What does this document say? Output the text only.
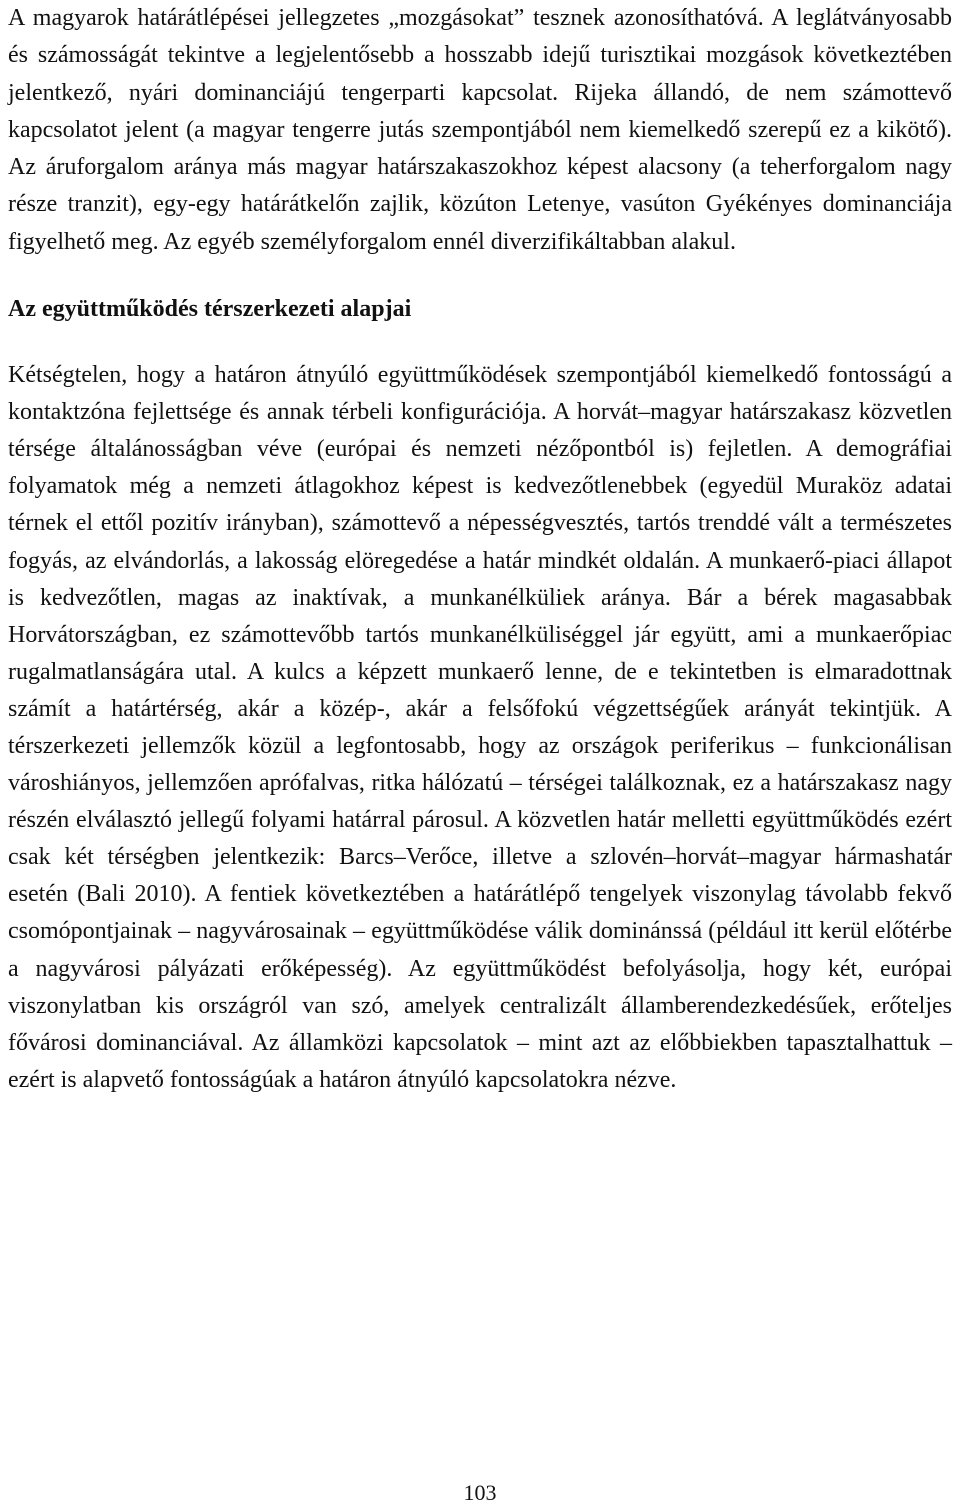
A magyarok határátlépései jellegzetes „mozgásokat” tesznek azonosíthatóvá. A leglátványosabb és számosságát tekintve a legjelentősebb a hosszabb idejű turisztikai mozgások következtében jelentkező, nyári dominanciájú tengerparti kapcsolat. Rijeka állandó, de nem számottevő kapcsolatot jelent (a magyar tengerre jutás szempontjából nem kiemelkedő szerepű ez a kikötő). Az áruforgalom aránya más magyar határszakaszokhoz képest alacsony (a teherforgalom nagy része tranzit), egy-egy határátkelőn zajlik, közúton Letenye, vasúton Gyékényes dominanciája figyelhető meg. Az egyéb személyforgalom ennél diverzifikáltabban alakul.

Az együttműködés térszerkezeti alapjai

Kétségtelen, hogy a határon átnyúló együttműködések szempontjából kiemelkedő fontosságú a kontaktzóna fejlettsége és annak térbeli konfigurációja. A horvát–magyar határszakasz közvetlen térsége általánosságban véve (európai és nemzeti nézőpontból is) fejletlen. A demográfiai folyamatok még a nemzeti átlagokhoz képest is kedvezőtlenebbek (egyedül Muraköz adatai térnek el ettől pozitív irányban), számottevő a népességvesztés, tartós trenddé vált a természetes fogyás, az elvándorlás, a lakosság elöregedése a határ mindkét oldalán. A munkaerő-piaci állapot is kedvezőtlen, magas az inaktívak, a munkanélküliek aránya. Bár a bérek magasabbak Horvátországban, ez számottevőbb tartós munkanélküliséggel jár együtt, ami a munkaerőpiac rugalmatlanságára utal. A kulcs a képzett munkaerő lenne, de e tekintetben is elmaradottnak számít a határtérség, akár a közép-, akár a felsőfokú végzettségűek arányát tekintjük. A térszerkezeti jellemzők közül a legfontosabb, hogy az országok periferikus – funkcionálisan városhiányos, jellemzően aprófalvas, ritka hálózatú – térségei találkoznak, ez a határszakasz nagy részén elválasztó jellegű folyami határral párosul. A közvetlen határ melletti együttműködés ezért csak két térségben jelentkezik: Barcs–Verőce, illetve a szlovén–horvát–magyar hármashatár esetén (Bali 2010). A fentiek következtében a határátlépő tengelyek viszonylag távolabb fekvő csomópontjainak – nagyvárosainak – együttműködése válik dominánssá (például itt kerül előtérbe a nagyvárosi pályázati erőképesség). Az együttműködést befolyásolja, hogy két, európai viszonylatban kis országról van szó, amelyek centralizált államberendezkedésűek, erőteljes fővárosi dominanciával. Az államközi kapcsolatok – mint azt az előbbiekben tapasztalhattuk – ezért is alapvető fontosságúak a határon átnyúló kapcsolatokra nézve.

103
